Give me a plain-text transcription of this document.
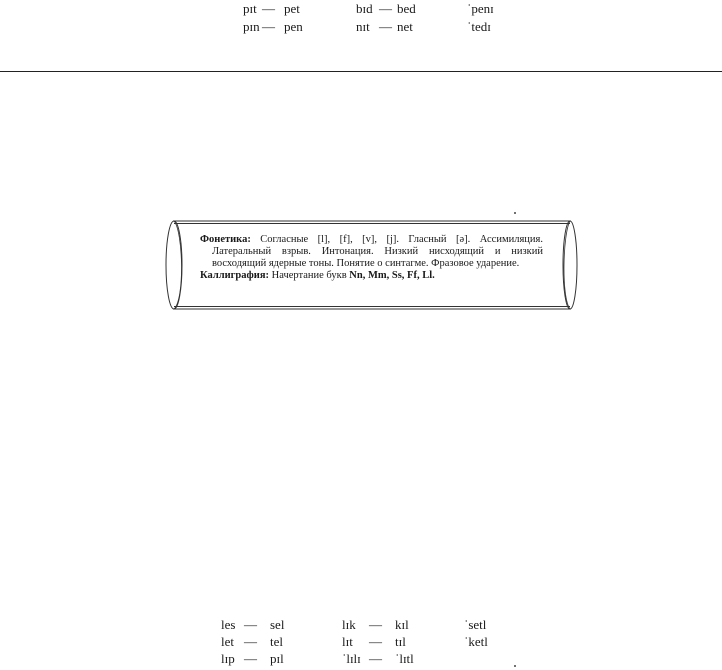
pɪt — pet	bɪd — bed	ˈpenɪ
pɪn — pen	nɪt — net	ˈtedɪ

Фонетика: Согласные [l], [f], [v], [j]. Гласный [ə]. Ассимиляция. Латеральный взрыв. Интонация. Низкий нисходящий и низкий восходящий ядерные тоны. Понятие о синтагме. Фразовое ударение.

Каллиграфия: Начертание букв Nn, Mm, Ss, Ff, Ll.

les — sel	lɪk — kɪl	ˈsetl
let — tel	lɪt — tɪl	ˈketl
lɪp — pɪl	ˈlɪlɪ — ˈlɪtl
